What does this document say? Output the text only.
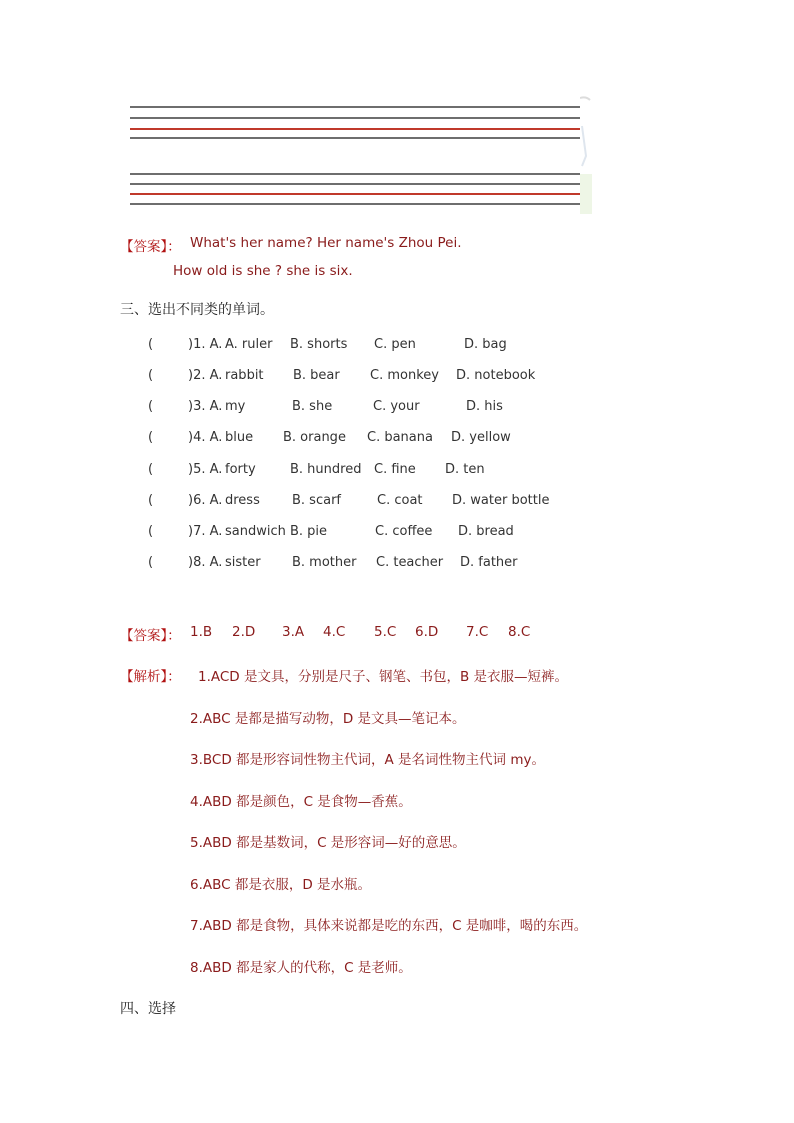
【答案】： What's her name? Her name's Zhou Pei.
How old is she ? she is six.
三、选出不同类的单词。
(	)1. A. A. ruler B. shorts C. pen	D. bag
(	)2. A. rabbit B. bear C. monkey D. notebook
(	)3. A. my	B. she	C. your	D. his
(	)4. A. blue B. orange C. banana D. yellow
(	)5. A. forty	B. hundred C. fine D. ten
(	)6. A. dress B. scarf	C. coat D. water bottle
(	)7. A. sandwich B. pie	C. coffee D. bread
(	)8. A. sister B. mother C. teacher D. father
【答案】： 1.B 2.D 3.A 4.C 5.C 6.D 7.C 8.C
【解析】： 1.ACD 是文具，分别是尺子、钢笔、书包，B 是衣服—短裤。
2.ABC 是都是描写动物，D 是文具—笔记本。
3.BCD 都是形容词性物主代词，A 是名词性物主代词 my。
4.ABD 都是颜色，C 是食物—香蕉。
5.ABD 都是基数词，C 是形容词—好的意思。
6.ABC 都是衣服，D 是水瓶。
7.ABD 都是食物，具体来说都是吃的东西，C 是咖啡，喝的东西。
8.ABD 都是家人的代称，C 是老师。
四、选择
